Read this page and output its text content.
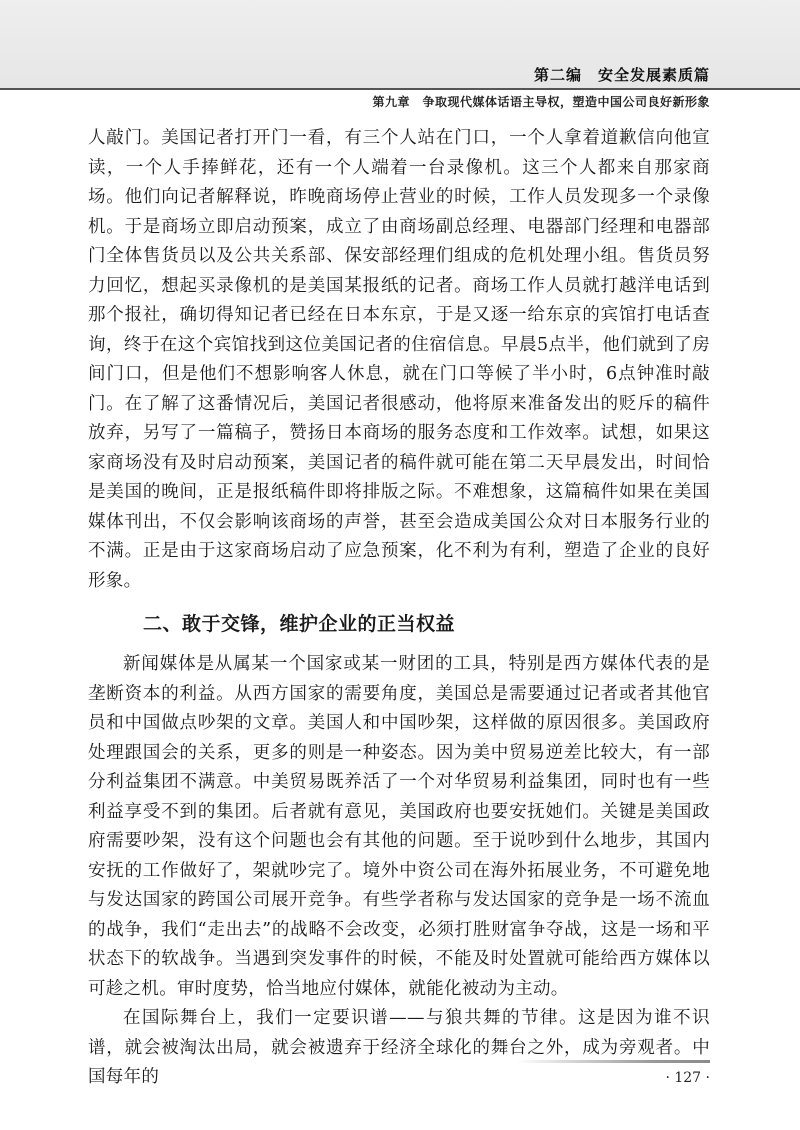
第二编　安全发展素质篇
第九章　争取现代媒体话语主导权，塑造中国公司良好新形象

人敲门。美国记者打开门一看，有三个人站在门口，一个人拿着道歉信向他宣读，一个人手捧鲜花，还有一个人端着一台录像机。这三个人都来自那家商场。他们向记者解释说，昨晚商场停止营业的时候，工作人员发现多一个录像机。于是商场立即启动预案，成立了由商场副总经理、电器部门经理和电器部门全体售货员以及公共关系部、保安部经理们组成的危机处理小组。售货员努力回忆，想起买录像机的是美国某报纸的记者。商场工作人员就打越洋电话到那个报社，确切得知记者已经在日本东京，于是又逐一给东京的宾馆打电话查询，终于在这个宾馆找到这位美国记者的住宿信息。早晨5点半，他们就到了房间门口，但是他们不想影响客人休息，就在门口等候了半小时，6点钟准时敲门。在了解了这番情况后，美国记者很感动，他将原来准备发出的贬斥的稿件放弃，另写了一篇稿子，赞扬日本商场的服务态度和工作效率。试想，如果这家商场没有及时启动预案，美国记者的稿件就可能在第二天早晨发出，时间恰是美国的晚间，正是报纸稿件即将排版之际。不难想象，这篇稿件如果在美国媒体刊出，不仅会影响该商场的声誉，甚至会造成美国公众对日本服务行业的不满。正是由于这家商场启动了应急预案，化不利为有利，塑造了企业的良好形象。

二、敢于交锋，维护企业的正当权益

新闻媒体是从属某一个国家或某一财团的工具，特别是西方媒体代表的是垄断资本的利益。从西方国家的需要角度，美国总是需要通过记者或者其他官员和中国做点吵架的文章。美国人和中国吵架，这样做的原因很多。美国政府处理跟国会的关系，更多的则是一种姿态。因为美中贸易逆差比较大，有一部分利益集团不满意。中美贸易既养活了一个对华贸易利益集团，同时也有一些利益享受不到的集团。后者就有意见，美国政府也要安抚她们。关键是美国政府需要吵架，没有这个问题也会有其他的问题。至于说吵到什么地步，其国内安抚的工作做好了，架就吵完了。境外中资公司在海外拓展业务，不可避免地与发达国家的跨国公司展开竞争。有些学者称与发达国家的竞争是一场不流血的战争，我们“走出去”的战略不会改变，必须打胜财富争夺战，这是一场和平状态下的软战争。当遇到突发事件的时候，不能及时处置就可能给西方媒体以可趁之机。审时度势，恰当地应付媒体，就能化被动为主动。

在国际舞台上，我们一定要识谱——与狼共舞的节律。这是因为谁不识谱，就会被淘汰出局，就会被遗弃于经济全球化的舞台之外，成为旁观者。中国每年的	· 127 ·
